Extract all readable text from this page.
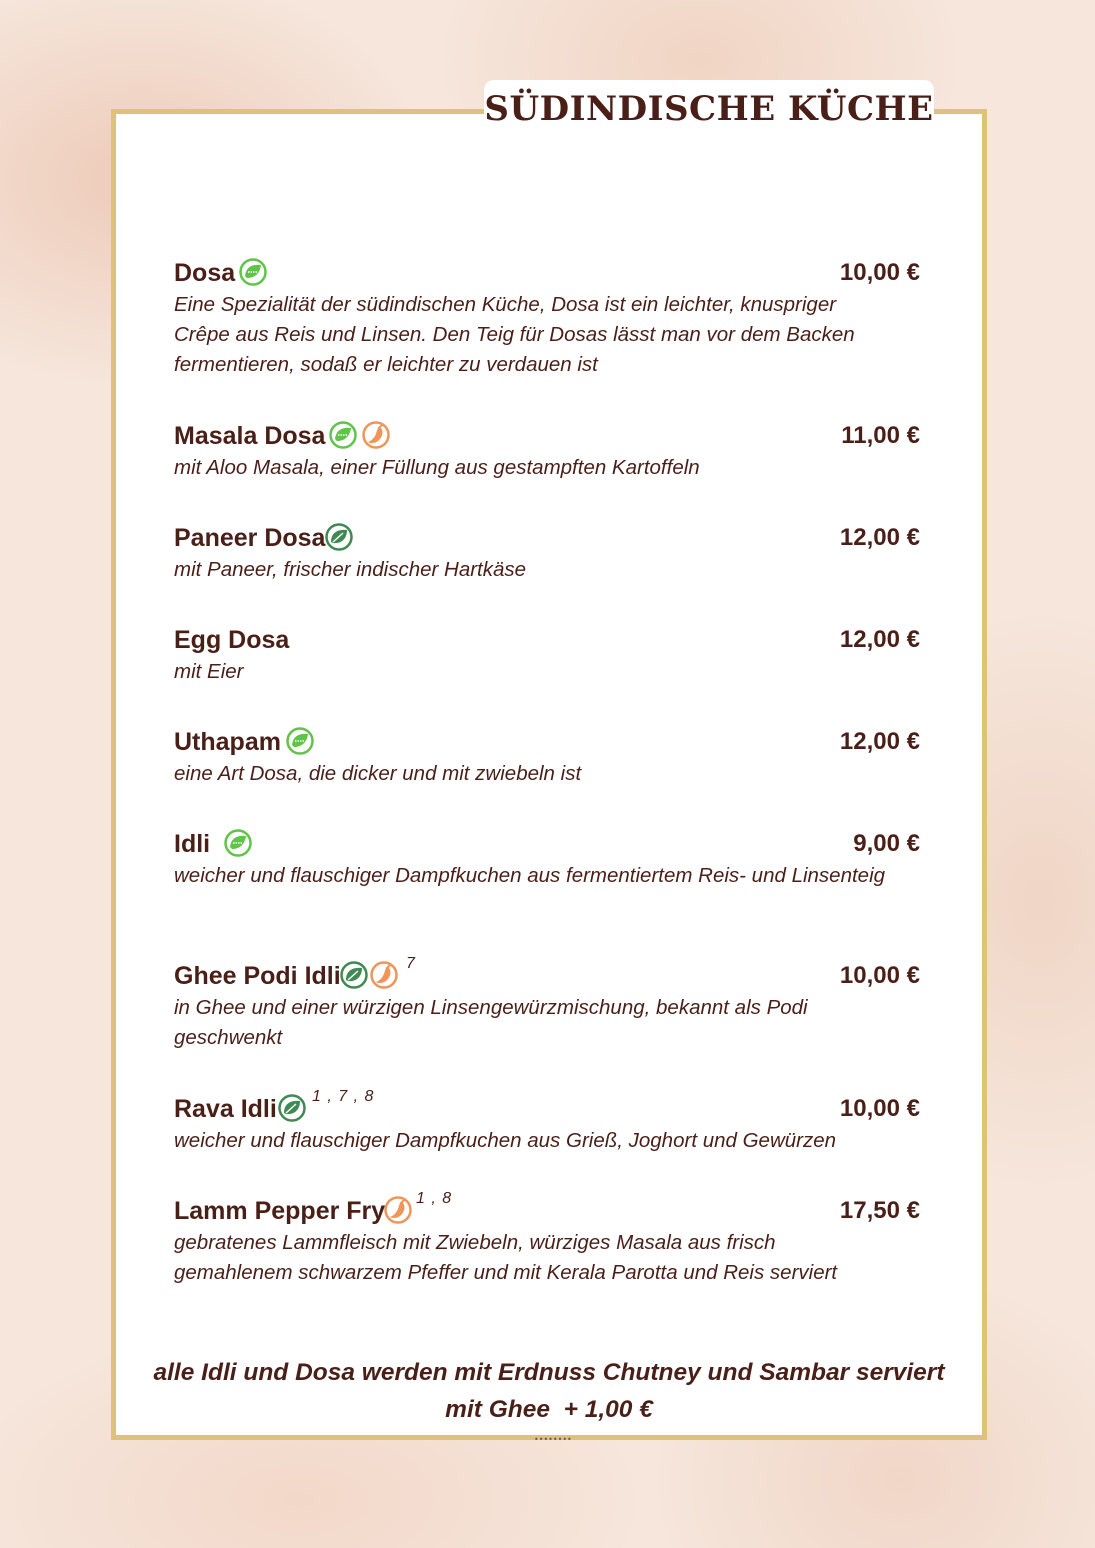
SÜDINDISCHE KÜCHE
Dosa	10,00 €
Eine Spezialität der südindischen Küche, Dosa ist ein leichter, knuspriger Crêpe aus Reis und Linsen. Den Teig für Dosas lässt man vor dem Backen fermentieren, sodaß er leichter zu verdauen ist
Masala Dosa	11,00 €
mit Aloo Masala, einer Füllung aus gestampften Kartoffeln
Paneer Dosa	12,00 €
mit Paneer, frischer indischer Hartkäse
Egg Dosa	12,00 €
mit Eier
Uthapam	12,00 €
eine Art Dosa, die dicker und mit zwiebeln ist
Idli	9,00 €
weicher und flauschiger Dampfkuchen aus fermentiertem Reis- und Linsenteig
Ghee Podi Idli	7	10,00 €
in Ghee und einer würzigen Linsengewürzmischung, bekannt als Podi geschwenkt
Rava Idli 1 , 7 , 8	10,00 €
weicher und flauschiger Dampfkuchen aus Grieß, Joghort und Gewürzen
Lamm Pepper Fry 1 , 8	17,50 €
gebratenes Lammfleisch mit Zwiebeln, würziges Masala aus frisch gemahlenem schwarzem Pfeffer und mit Kerala Parotta und Reis serviert
alle Idli und Dosa werden mit Erdnuss Chutney und Sambar serviert
mit Ghee  + 1,00 €
••••••••
